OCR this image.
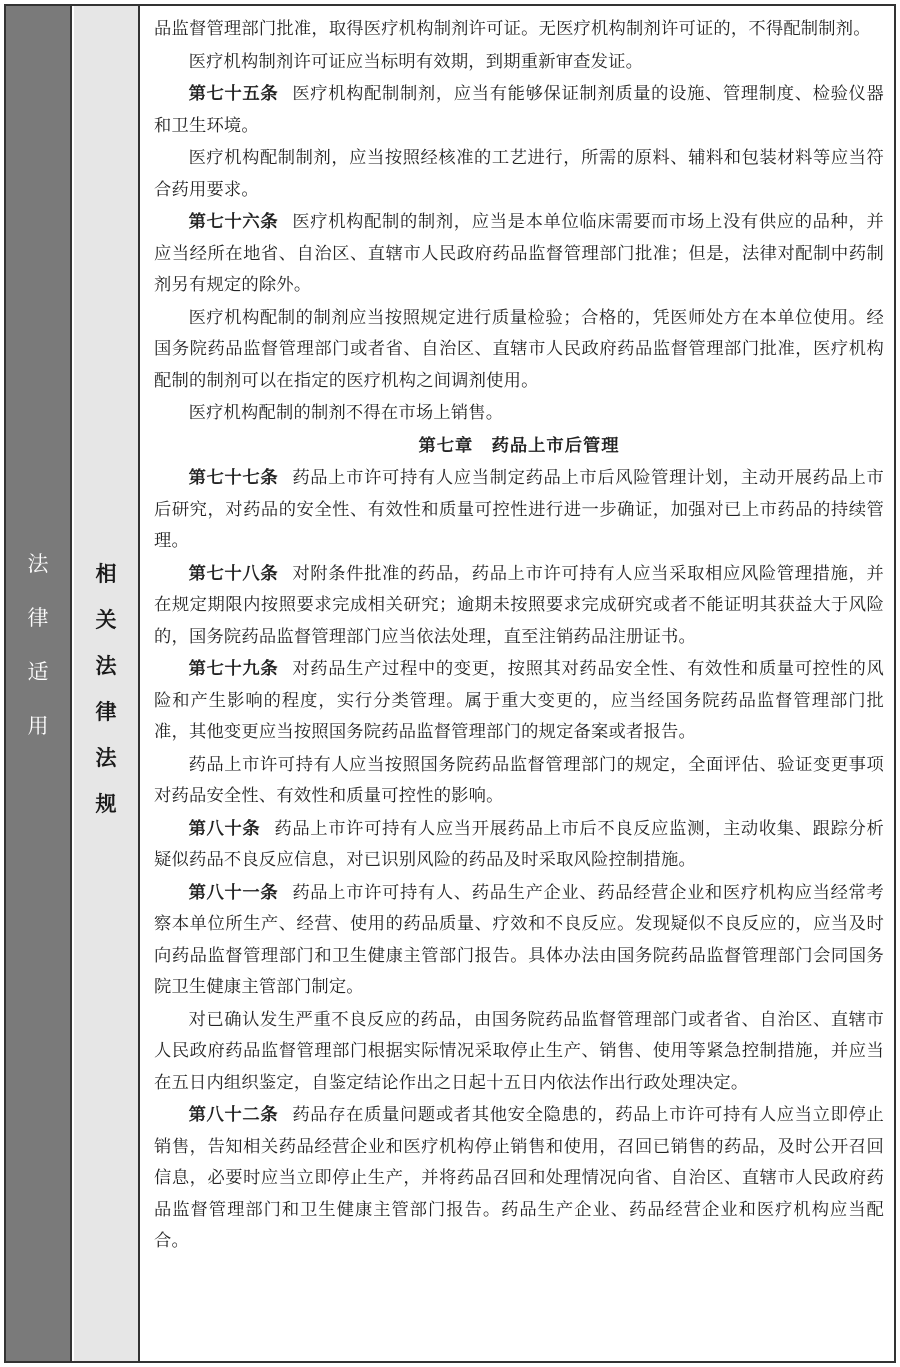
法
律
适
用
相
关
法
律
法
规

品监督管理部门批准，取得医疗机构制剂许可证。无医疗机构制剂许可证的，不得配制制剂。

医疗机构制剂许可证应当标明有效期，到期重新审查发证。

第七十五条 医疗机构配制制剂，应当有能够保证制剂质量的设施、管理制度、检验仪器和卫生环境。

医疗机构配制制剂，应当按照经核准的工艺进行，所需的原料、辅料和包装材料等应当符合药用要求。

第七十六条 医疗机构配制的制剂，应当是本单位临床需要而市场上没有供应的品种，并应当经所在地省、自治区、直辖市人民政府药品监督管理部门批准；但是，法律对配制中药制剂另有规定的除外。

医疗机构配制的制剂应当按照规定进行质量检验；合格的，凭医师处方在本单位使用。经国务院药品监督管理部门或者省、自治区、直辖市人民政府药品监督管理部门批准，医疗机构配制的制剂可以在指定的医疗机构之间调剂使用。

医疗机构配制的制剂不得在市场上销售。

第七章　药品上市后管理

第七十七条 药品上市许可持有人应当制定药品上市后风险管理计划，主动开展药品上市后研究，对药品的安全性、有效性和质量可控性进行进一步确证，加强对已上市药品的持续管理。

第七十八条 对附条件批准的药品，药品上市许可持有人应当采取相应风险管理措施，并在规定期限内按照要求完成相关研究；逾期未按照要求完成研究或者不能证明其获益大于风险的，国务院药品监督管理部门应当依法处理，直至注销药品注册证书。

第七十九条 对药品生产过程中的变更，按照其对药品安全性、有效性和质量可控性的风险和产生影响的程度，实行分类管理。属于重大变更的，应当经国务院药品监督管理部门批准，其他变更应当按照国务院药品监督管理部门的规定备案或者报告。

药品上市许可持有人应当按照国务院药品监督管理部门的规定，全面评估、验证变更事项对药品安全性、有效性和质量可控性的影响。

第八十条 药品上市许可持有人应当开展药品上市后不良反应监测，主动收集、跟踪分析疑似药品不良反应信息，对已识别风险的药品及时采取风险控制措施。

第八十一条 药品上市许可持有人、药品生产企业、药品经营企业和医疗机构应当经常考察本单位所生产、经营、使用的药品质量、疗效和不良反应。发现疑似不良反应的，应当及时向药品监督管理部门和卫生健康主管部门报告。具体办法由国务院药品监督管理部门会同国务院卫生健康主管部门制定。

对已确认发生严重不良反应的药品，由国务院药品监督管理部门或者省、自治区、直辖市人民政府药品监督管理部门根据实际情况采取停止生产、销售、使用等紧急控制措施，并应当在五日内组织鉴定，自鉴定结论作出之日起十五日内依法作出行政处理决定。

第八十二条 药品存在质量问题或者其他安全隐患的，药品上市许可持有人应当立即停止销售，告知相关药品经营企业和医疗机构停止销售和使用，召回已销售的药品，及时公开召回信息，必要时应当立即停止生产，并将药品召回和处理情况向省、自治区、直辖市人民政府药品监督管理部门和卫生健康主管部门报告。药品生产企业、药品经营企业和医疗机构应当配合。
